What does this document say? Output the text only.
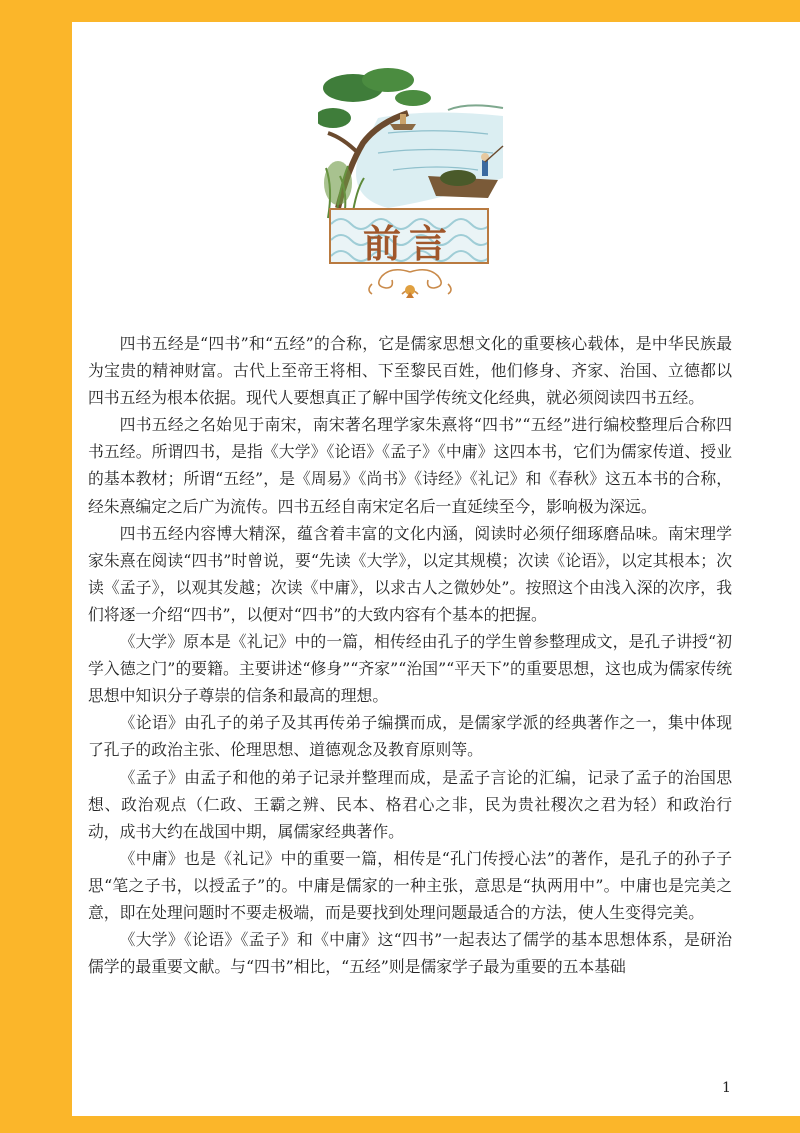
前言

四书五经是“四书”和“五经”的合称，它是儒家思想文化的重要核心载体，是中华民族最为宝贵的精神财富。古代上至帝王将相、下至黎民百姓，他们修身、齐家、治国、立德都以四书五经为根本依据。现代人要想真正了解中国学传统文化经典，就必须阅读四书五经。

四书五经之名始见于南宋，南宋著名理学家朱熹将“四书”“五经”进行编校整理后合称四书五经。所谓四书，是指《大学》《论语》《孟子》《中庸》这四本书，它们为儒家传道、授业的基本教材；所谓“五经”，是《周易》《尚书》《诗经》《礼记》和《春秋》这五本书的合称，经朱熹编定之后广为流传。四书五经自南宋定名后一直延续至今，影响极为深远。

四书五经内容博大精深，蕴含着丰富的文化内涵，阅读时必须仔细琢磨品味。南宋理学家朱熹在阅读“四书”时曾说，要“先读《大学》，以定其规模；次读《论语》，以定其根本；次读《孟子》，以观其发越；次读《中庸》，以求古人之微妙处”。按照这个由浅入深的次序，我们将逐一介绍“四书”，以便对“四书”的大致内容有个基本的把握。

《大学》原本是《礼记》中的一篇，相传经由孔子的学生曾参整理成文，是孔子讲授“初学入德之门”的要籍。主要讲述“修身”“齐家”“治国”“平天下”的重要思想，这也成为儒家传统思想中知识分子尊崇的信条和最高的理想。

《论语》由孔子的弟子及其再传弟子编撰而成，是儒家学派的经典著作之一，集中体现了孔子的政治主张、伦理思想、道德观念及教育原则等。

《孟子》由孟子和他的弟子记录并整理而成，是孟子言论的汇编，记录了孟子的治国思想、政治观点（仁政、王霸之辨、民本、格君心之非，民为贵社稷次之君为轻）和政治行动，成书大约在战国中期，属儒家经典著作。

《中庸》也是《礼记》中的重要一篇，相传是“孔门传授心法”的著作，是孔子的孙子子思“笔之子书，以授孟子”的。中庸是儒家的一种主张，意思是“执两用中”。中庸也是完美之意，即在处理问题时不要走极端，而是要找到处理问题最适合的方法，使人生变得完美。

《大学》《论语》《孟子》和《中庸》这“四书”一起表达了儒学的基本思想体系，是研治儒学的最重要文献。与“四书”相比，“五经”则是儒家学子最为重要的五本基础

1
